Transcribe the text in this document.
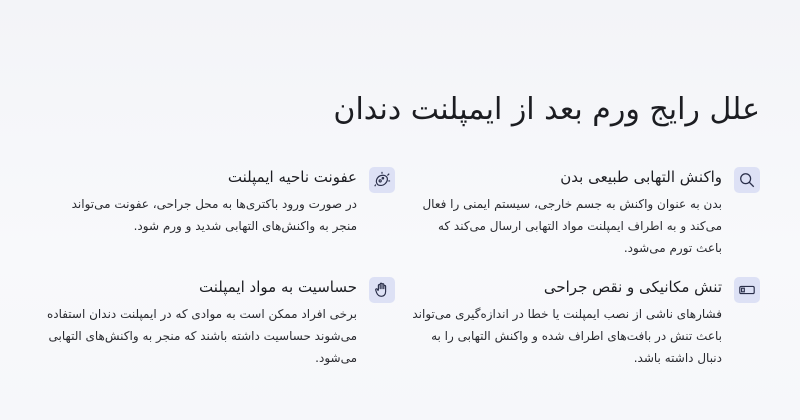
علل رایج ورم بعد از ایمپلنت دندان
واکنش التهابی طبیعی بدن

بدن به عنوان واکنش به جسم خارجی، سیستم ایمنی را فعال می‌کند و به اطراف ایمپلنت مواد التهابی ارسال می‌کند که باعث تورم می‌شود.

عفونت ناحیه ایمپلنت

در صورت ورود باکتری‌ها به محل جراحی، عفونت می‌تواند منجر به واکنش‌های التهابی شدید و ورم شود.

تنش مکانیکی و نقص جراحی

فشارهای ناشی از نصب ایمپلنت یا خطا در اندازه‌گیری می‌تواند باعث تنش در بافت‌های اطراف شده و واکنش التهابی را به دنبال داشته باشد.

حساسیت به مواد ایمپلنت

برخی افراد ممکن است به موادی که در ایمپلنت دندان استفاده می‌شوند حساسیت داشته باشند که منجر به واکنش‌های التهابی می‌شود.
